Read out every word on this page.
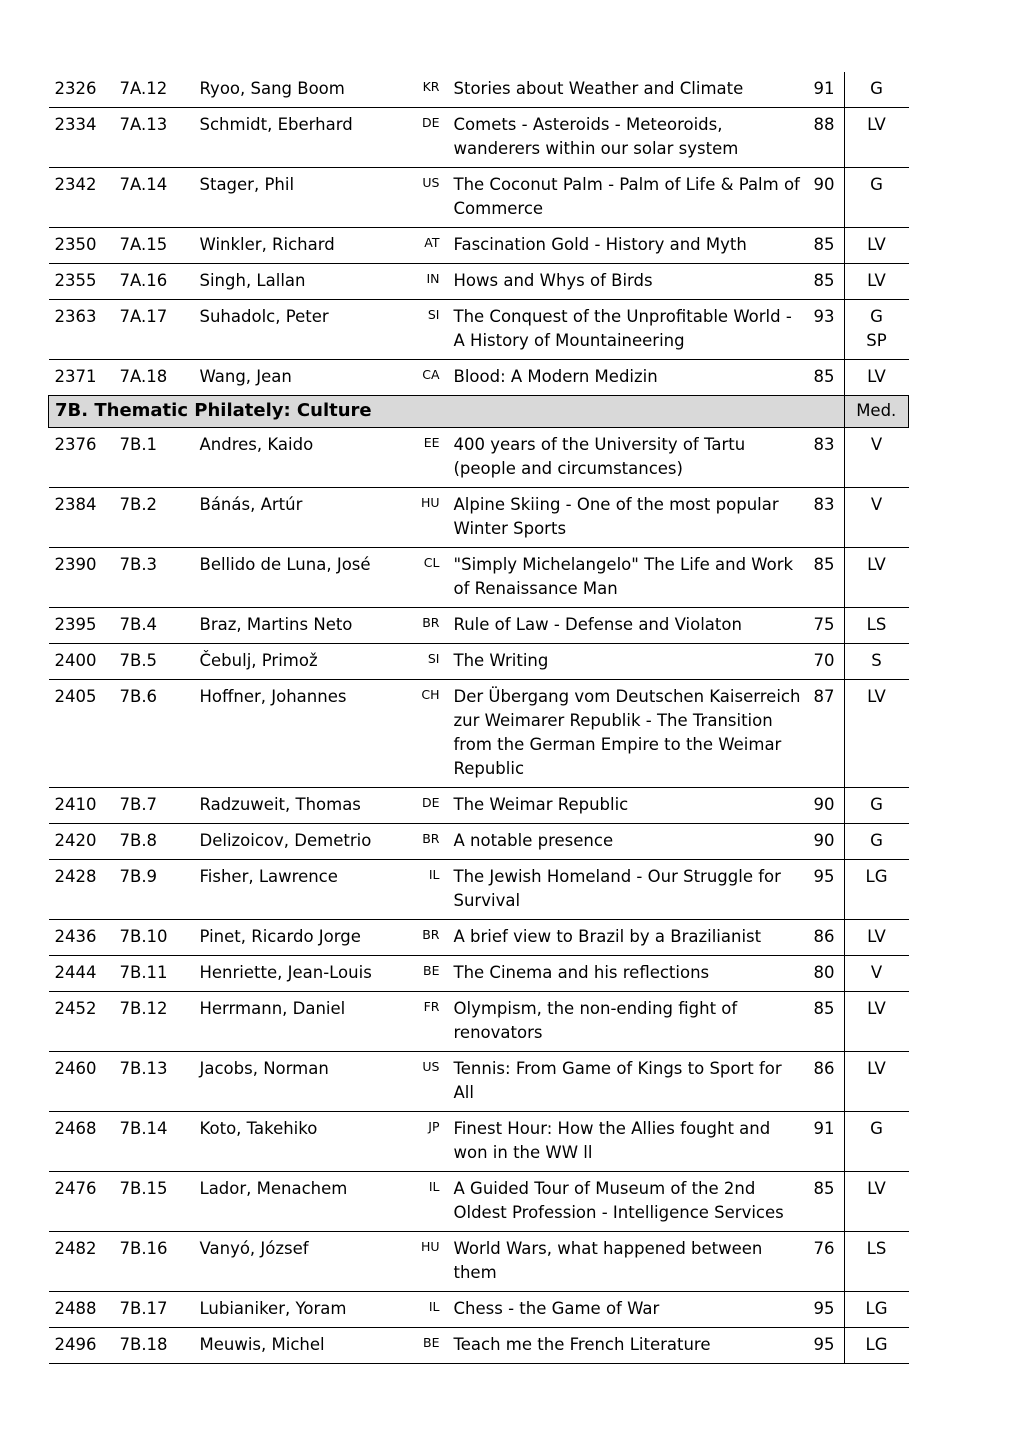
2326	7A.12	Ryoo, Sang Boom	KR	Stories about Weather and Climate	91	G

2334	7A.13	Schmidt, Eberhard	DE	Comets - Asteroids - Meteoroids, wanderers within our solar system	88	LV

2342	7A.14	Stager, Phil	US	The Coconut Palm - Palm of Life & Palm of Commerce	90	G

2350	7A.15	Winkler, Richard	AT	Fascination Gold - History and Myth	85	LV

2355	7A.16	Singh, Lallan	IN	Hows and Whys of Birds	85	LV

2363	7A.17	Suhadolc, Peter	SI	The Conquest of the Unprofitable World - A History of Mountaineering	93	G
SP

2371	7A.18	Wang, Jean	CA	Blood: A Modern Medizin	85	LV

7B. Thematic Philately: Culture						Med.
2376	7B.1	Andres, Kaido	EE	400 years of the University of Tartu (people and circumstances)	83	V

2384	7B.2	Bánás, Artúr	HU	Alpine Skiing - One of the most popular Winter Sports	83	V

2390	7B.3	Bellido de Luna, José	CL	"Simply Michelangelo" The Life and Work of Renaissance Man	85	LV

2395	7B.4	Braz, Martins Neto	BR	Rule of Law - Defense and Violaton	75	LS

2400	7B.5	Čebulj, Primož	SI	The Writing	70	S

2405	7B.6	Hoffner, Johannes	CH	Der Übergang vom Deutschen Kaiserreich zur Weimarer Republik - The Transition from the German Empire to the Weimar Republic	87	LV

2410	7B.7	Radzuweit, Thomas	DE	The Weimar Republic	90	G

2420	7B.8	Delizoicov, Demetrio	BR	A notable presence	90	G

2428	7B.9	Fisher, Lawrence	IL	The Jewish Homeland - Our Struggle for Survival	95	LG

2436	7B.10	Pinet, Ricardo Jorge	BR	A brief view to Brazil by a Brazilianist	86	LV

2444	7B.11	Henriette, Jean-Louis	BE	The Cinema and his reflections	80	V

2452	7B.12	Herrmann, Daniel	FR	Olympism, the non-ending fight of renovators	85	LV

2460	7B.13	Jacobs, Norman	US	Tennis: From Game of Kings to Sport for All	86	LV

2468	7B.14	Koto, Takehiko	JP	Finest Hour: How the Allies fought and won in the WW ll	91	G

2476	7B.15	Lador, Menachem	IL	A Guided Tour of Museum of the 2nd Oldest Profession - Intelligence Services	85	LV

2482	7B.16	Vanyó, József	HU	World Wars, what happened between them	76	LS

2488	7B.17	Lubianiker, Yoram	IL	Chess - the Game of War	95	LG

2496	7B.18	Meuwis, Michel	BE	Teach me the French Literature	95	LG
